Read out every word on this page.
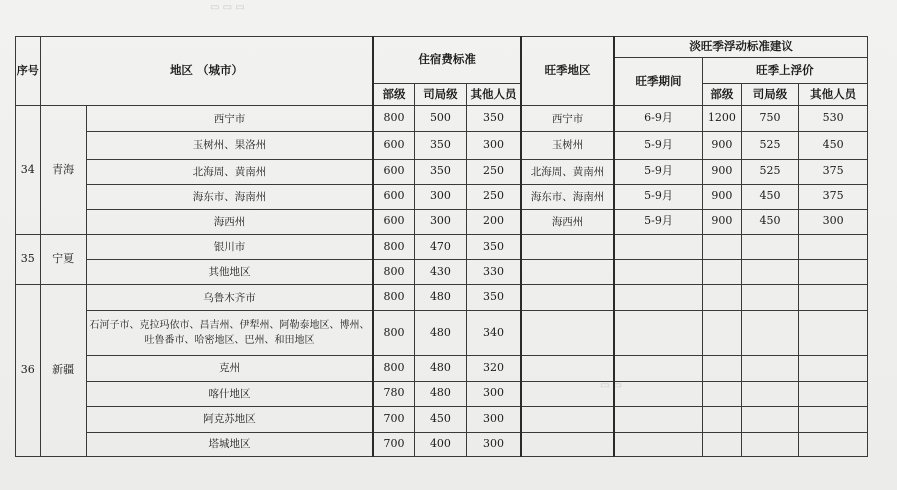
▭ ▭ ▭
▭ ▭
序号	地区 （城市）		住宿费标准			旺季地区	淡旺季浮动标准建议			
							旺季期间	旺季上浮价		
			部级	司局级	其他人员			部级	司局级	其他人员
34	青海	西宁市	800	500	350	西宁市	6-9月	1200	750	530
		玉树州、果洛州	600	350	300	玉树州	5-9月	900	525	450
		北海周、黄南州	600	350	250	北海周、黄南州	5-9月	900	525	375
		海东市、海南州	600	300	250	海东市、海南州	5-9月	900	450	375
		海西州	600	300	200	海西州	5-9月	900	450	300
35	宁夏	银川市	800	470	350					
		其他地区	800	430	330					
36	新疆	乌鲁木齐市	800	480	350					
		石河子市、克拉玛依市、昌吉州、伊犁州、阿勒泰地区、博州、吐鲁番市、哈密地区、巴州、和田地区	800	480	340					
		克州	800	480	320					
		喀什地区	780	480	300					
		阿克苏地区	700	450	300					
		塔城地区	700	400	300					
